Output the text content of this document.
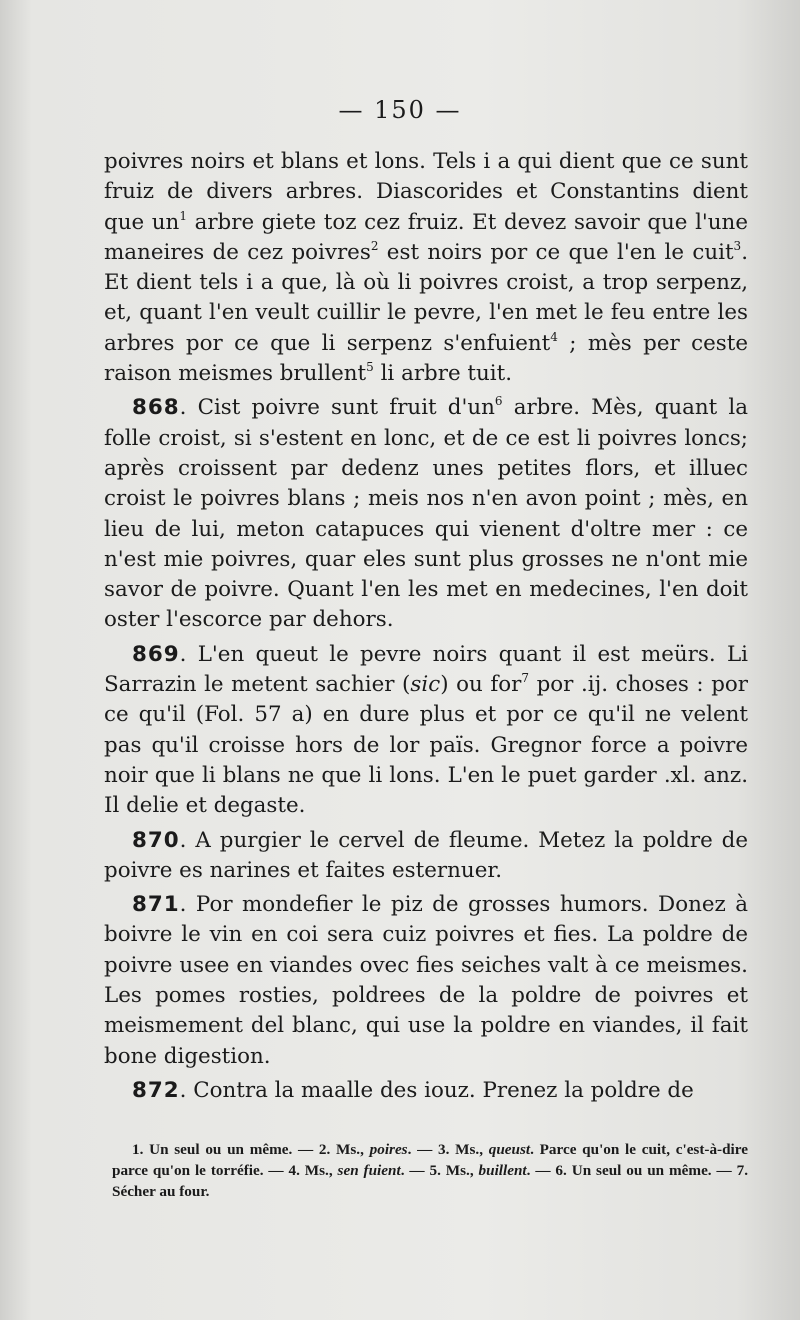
— 150 —

poivres noirs et blans et lons. Tels i a qui dient que ce sunt fruiz de divers arbres. Diascorides et Constantins dient que $un^1$ arbre giete toz cez fruiz. Et devez savoir que l'une maneires de cez poivres$^2$ est noirs por ce que l'en le cuit$^3$. Et dient tels i a que, là où li poivres croist, a trop serpenz, et, quant l'en veult cuillir le pevre, l'en met le feu entre les arbres por ce que li serpenz s'enfuient$^4$ ; mès per ceste raison meismes brullent$^5$ li arbre tuit.

868. Cist poivre sunt fruit $d'un^6$ arbre. Mès, quant la folle croist, si s'estent en lonc, et de ce est li poivres loncs; après croissent par dedenz unes petites flors, et illuec croist le poivres blans ; meis nos n'en avon point ; mès, en lieu de lui, meton catapuces qui vienent d'oltre mer : ce n'est mie poivres, quar eles sunt plus grosses ne n'ont mie savor de poivre. Quant l'en les met en medecines, l'en doit oster l'escorce par dehors.

869. L'en queut le pevre noirs quant il est meürs. Li Sarrazin le metent sachier (sic) ou for$^7$ por .ij. choses : por ce qu'il (Fol. 57 a) en dure plus et por ce qu'il ne velent pas qu'il croisse hors de lor païs. Gregnor force a poivre noir que li blans ne que li lons. L'en le puet garder .xl. anz. Il delie et degaste.

870. A purgier le cervel de fleume. Metez la poldre de poivre es narines et faites esternuer.

871. Por mondefier le piz de grosses humors. Donez à boivre le vin en coi sera cuiz poivres et fies. La poldre de poivre usee en viandes ovec fies seiches valt à ce meismes. Les pomes rosties, poldrees de la poldre de poivres et meismement del blanc, qui use la poldre en viandes, il fait bone digestion.

872. Contra la maalle des iouz. Prenez la poldre de

1. Un seul ou un même. — 2. Ms., poires. — 3. Ms., queust. Parce qu'on le cuit, c'est-à-dire parce qu'on le torréfie. — 4. Ms., sen fuient. — 5. Ms., buillent. — 6. Un seul ou un même. — 7. Sécher au four.
